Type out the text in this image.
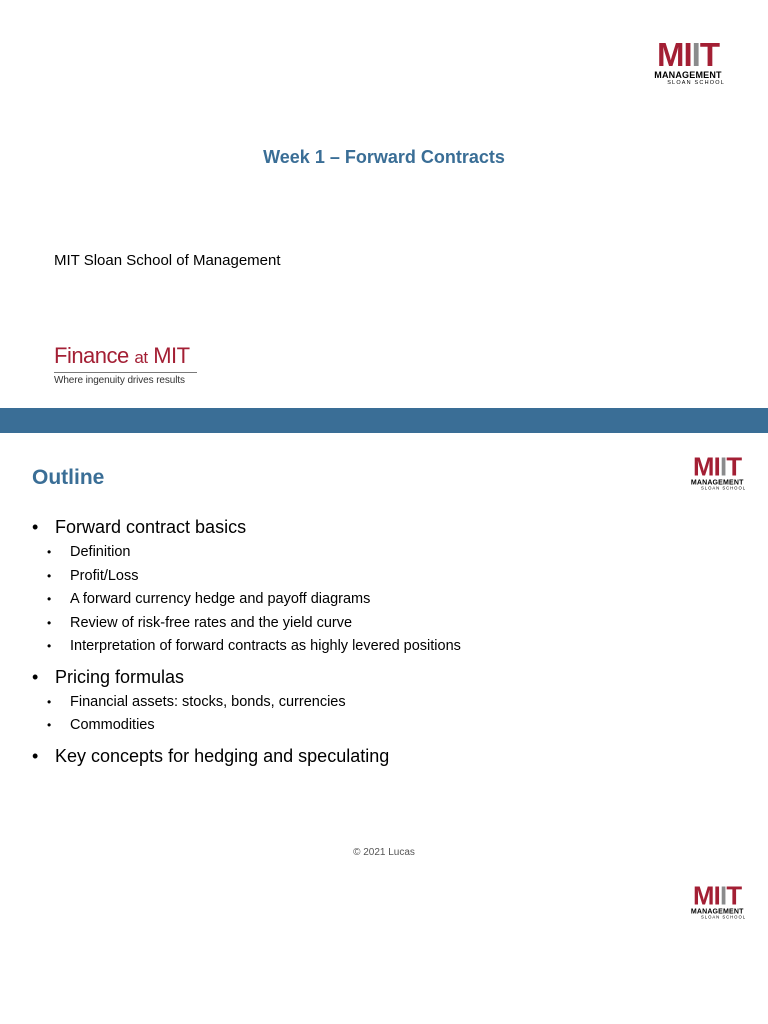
MIIT
MANAGEMENT
SLOAN SCHOOL
Week 1 – Forward Contracts
MIT Sloan School of Management
Finance at MIT
Where ingenuity drives results
Outline	MIIT
MANAGEMENT
SLOAN SCHOOL
• Forward contract basics
• Definition
• Profit/Loss
• A forward currency hedge and payoff diagrams
• Review of risk-free rates and the yield curve
• Interpretation of forward contracts as highly levered positions
• Pricing formulas
• Financial assets: stocks, bonds, currencies
• Commodities
• Key concepts for hedging and speculating
© 2021 Lucas
MIIT
MANAGEMENT
SLOAN SCHOOL
